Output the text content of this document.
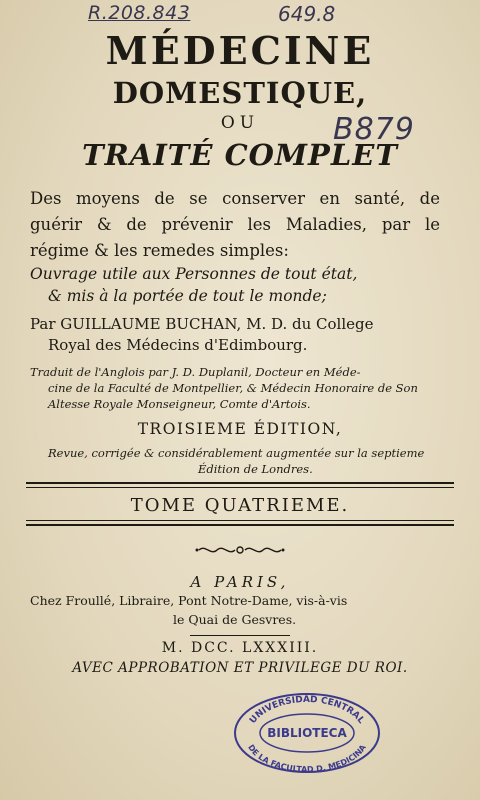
R.208.843	649.8
B879
MÉDECINE
DOMESTIQUE,
OU
TRAITÉ COMPLET
Des moyens de se conserver en santé, de
guérir & de prévenir les Maladies, par le
régime & les remedes simples:
Ouvrage utile aux Personnes de tout état,
& mis à la portée de tout le monde;
Par GUILLAUME BUCHAN, M. D. du College
Royal des Médecins d'Edimbourg.
Traduit de l'Anglois par J. D. Duplanil, Docteur en Méde-
cine de la Faculté de Montpellier, & Médecin Honoraire de Son
Altesse Royale Monseigneur, Comte d'Artois.
TROISIEME ÉDITION,
Revue, corrigée & considérablement augmentée sur la septieme
Édition de Londres.
TOME QUATRIEME.
A PARIS,
Chez Froullé, Libraire, Pont Notre-Dame, vis-à-vis
le Quai de Gesvres.
M. DCC. LXXXIII.
AVEC APPROBATION ET PRIVILEGE DU ROI.
UNIVERSIDAD CENTRAL
BIBLIOTECA
DE LA FACULTAD D. MEDICINA
